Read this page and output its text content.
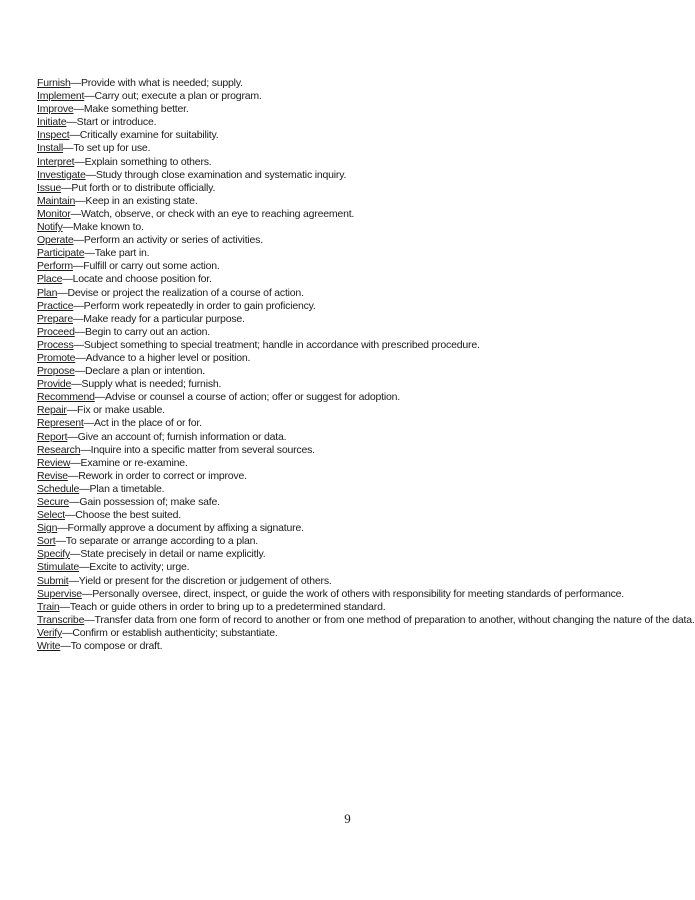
Furnish—Provide with what is needed; supply.
Implement—Carry out; execute a plan or program.
Improve—Make something better.
Initiate—Start or introduce.
Inspect—Critically examine for suitability.
Install—To set up for use.
Interpret—Explain something to others.
Investigate—Study through close examination and systematic inquiry.
Issue—Put forth or to distribute officially.
Maintain—Keep in an existing state.
Monitor—Watch, observe, or check with an eye to reaching agreement.
Notify—Make known to.
Operate—Perform an activity or series of activities.
Participate—Take part in.
Perform—Fulfill or carry out some action.
Place—Locate and choose position for.
Plan—Devise or project the realization of a course of action.
Practice—Perform work repeatedly in order to gain proficiency.
Prepare—Make ready for a particular purpose.
Proceed—Begin to carry out an action.
Process—Subject something to special treatment; handle in accordance with prescribed procedure.
Promote—Advance to a higher level or position.
Propose—Declare a plan or intention.
Provide—Supply what is needed; furnish.
Recommend—Advise or counsel a course of action; offer or suggest for adoption.
Repair—Fix or make usable.
Represent—Act in the place of or for.
Report—Give an account of; furnish information or data.
Research—Inquire into a specific matter from several sources.
Review—Examine or re-examine.
Revise—Rework in order to correct or improve.
Schedule—Plan a timetable.
Secure—Gain possession of; make safe.
Select—Choose the best suited.
Sign—Formally approve a document by affixing a signature.
Sort—To separate or arrange according to a plan.
Specify—State precisely in detail or name explicitly.
Stimulate—Excite to activity; urge.
Submit—Yield or present for the discretion or judgement of others.
Supervise—Personally oversee, direct, inspect, or guide the work of others with responsibility for meeting standards of performance.
Train—Teach or guide others in order to bring up to a predetermined standard.
Transcribe—Transfer data from one form of record to another or from one method of preparation to another, without changing the nature of the data.
Verify—Confirm or establish authenticity; substantiate.
Write—To compose or draft.
9
